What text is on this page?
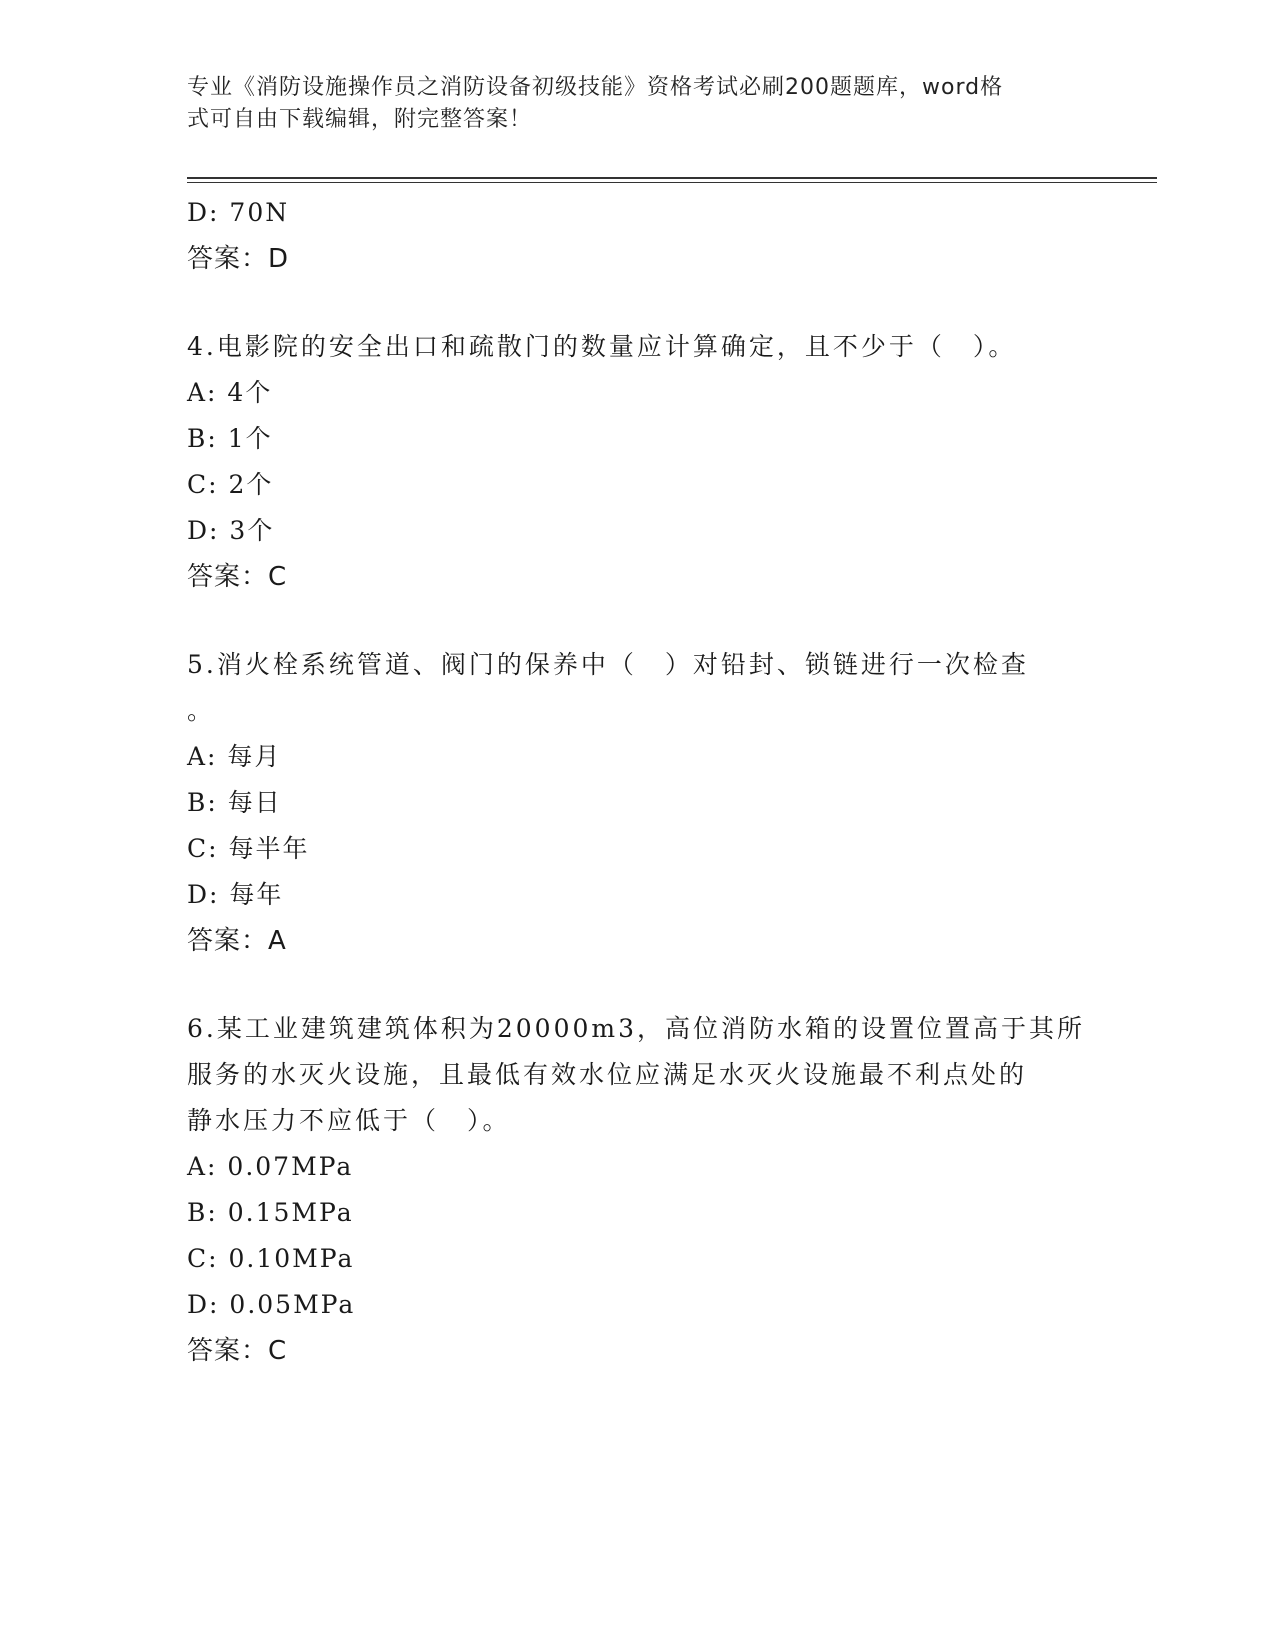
专业《消防设施操作员之消防设备初级技能》资格考试必刷200题题库，word格
式可自由下载编辑，附完整答案！
D: 70N
答案：D
4.电影院的安全出口和疏散门的数量应计算确定，且不少于（　）。
A: 4个
B: 1个
C: 2个
D: 3个
答案：C
5.消火栓系统管道、阀门的保养中（　）对铅封、锁链进行一次检查
。
A: 每月
B: 每日
C: 每半年
D: 每年
答案：A
6.某工业建筑建筑体积为20000m3，高位消防水箱的设置位置高于其所
服务的水灭火设施，且最低有效水位应满足水灭火设施最不利点处的
静水压力不应低于（　）。
A: 0.07MPa
B: 0.15MPa
C: 0.10MPa
D: 0.05MPa
答案：C
